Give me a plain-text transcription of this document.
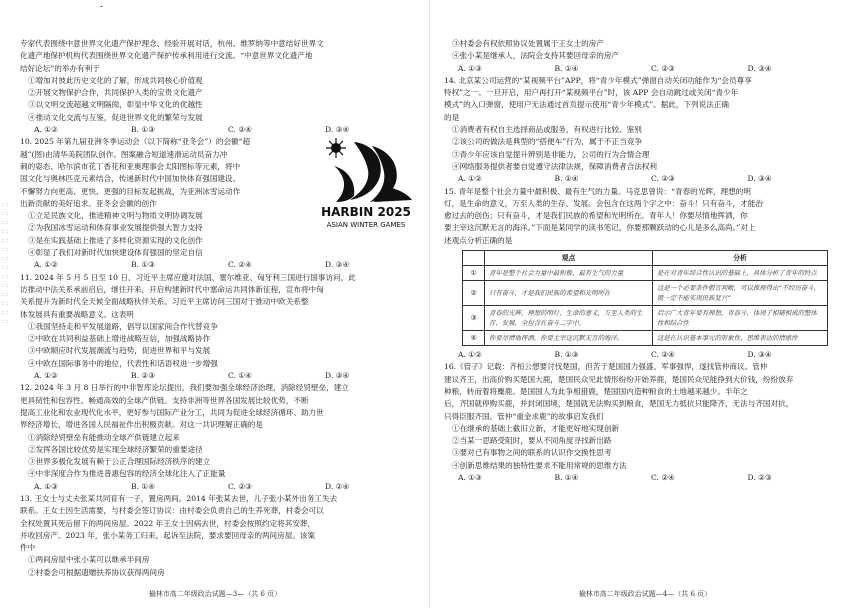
: : : : : : : : : : : : : : : : : : : : : : : : : : : :

专家代表围绕中意世界文化遗产保护理念、经验开展对话，杭州、维罗纳等中意结好世界文

化遗产地保护机构代表围绕世界文化遗产保护传承利用进行交流。“中意世界文化遗产地

结好论坛”的举办有利于

①增加对彼此历史文化的了解，形成共同核心价值观

②开展文物保护合作，共同保护人类的宝贵文化遗产

③以文明交流超越文明隔阂，彰显中华文化的优越性

④推动文化交流与互鉴，促进世界文化的繁荣与发展

A. ①②	B. ①③	C. ②④	D. ③④
HARBIN 2025
ASIAN WINTER GAMES

10. 2025 年第九届亚洲冬季运动会（以下简称“亚冬会”）的会徽“超

越”(图)由清华美院团队创作。图案融合短道速滑运动员奋力冲

刺的姿态、哈尔滨市花丁香花和亚奥理事会太阳图标等元素，将中

国文化与奥林匹克元素结合，传递新时代中国加快体育强国建设、

不懈努力向更高、更快、更强的目标发起挑战，为亚洲冰雪运动作

出新贡献的美好追求。亚冬会会徽的创作

①立足民族文化，推进精神文明与物质文明协调发展

②为我国冰雪运动和体育事业发展提供强大智力支持

③是在实践基础上推进了多样化资源实现的文化创作

④彰显了我们对新时代加快建设体育强国的坚定自信

A. ①②	B. ①③	C. ②④	D. ③④

11. 2024 年 5 月 5 日至 10 日，习近平主席应邀对法国、塞尔维亚、匈牙利三国进行国事访问，此

访推动中法关系承前启后，继往开来，开启构建新时代中塞命运共同体新征程，宣布将中匈

关系提升为新时代全天候全面战略伙伴关系。习近平主席访问三国对于推动中欧关系整

体发展具有重要战略意义。这表明

①我国坚持走和平发展道路，倡导以国家间合作代替竞争

②中欧在共同利益基础上增进战略互信，加强战略协作

③中欧顺应时代发展潮流与趋势，促进世界和平与发展

④中欧在国际事务中的地位，代表性和话语权进一步增强

A. ①②	B. ②③	C. ①④	D. ③④

12. 2024 年 3 月 8 日举行的中非智库论坛提出，我们要加强全球经济治理，消除经贸壁垒，建立

更具韧性和包容性、畅通高效的全球产供链。支持非洲等世界各国发展比较优势，不断

提高工业化和农业现代化水平，更好参与国际产业分工，共同为促进全球经济循环、助力世

界经济增长，增进各国人民福祉作出积极贡献。对这一共识理解正确的是

①消除经贸壁垒有能推动全球产供链建立起来

②发挥各国比较优势是实现全球经济繁荣的重要途径

③世界多极化发展有赖于公正合理国际经济秩序的建立

④中非深度合作为推进普惠包容的经济全球化注入了正能量

A. ①③	B. ①④	C. ②③	D. ②④

13. 王女士与丈夫张某共同育有一子，置房两间。2014 年张某去世，儿子张小某外出务工失去

联系。王女士因生活需要，与村委会签订协议：由村委会负责自己的生养死葬，村委会可以

全权处置其死后留下的两间房屋。2022 年王女士因病去世，村委会按照约定将其安葬，

并收回房产。2023 年，张小某务工归来，起诉至法院，要求要回母亲的两间房屋。该案

件中

①两间房屋中张小某可以继承半间房

②村委会可根据遗赠扶养协议获得两间房

榆林市高二年级政治试题—3—（共 6 页）

③村委会有权依照协议处置属于王女士的房产

④张小某是继承人，法院会支持其要回母亲的房产

A. ①③	B. ①④	C. ②③	D. ③④

14. 北京某公司运营的“某视频平台”APP，将“青少年模式”弹窗自动关闭功能作为“会员尊享

特权”之一。一旦开启，用户再打开“某视频平台”时，该 APP 会自动跳过或关闭“青少年

模式”的入口弹窗，使用户无法通过首页提示使用“青少年模式”。据此，下列说法正确

的是

①消费者有权自主选择商品或服务，有权进行比较、鉴别

②该公司的做法是典型的“搭便车”行为，属于不正当竞争

③青少年应该自觉提升辨别是非能力，公司的行为合情合理

④网络服务提供者要自觉遵守法律法规，保障消费者合法权利

A. ①②	B. ①④	C. ②③	D. ③④

15. 青年是整个社会力量中最积极、最有生气的力量。马克思曾说：“青春的光辉，理想的明

灯，是生命的意义，万至人类的生存、发展。会包含在这两个字之中：奋斗！只有奋斗，才能治

愈过去的创伤；只有奋斗，才是我们民族的希望和光明所在。青年人！你要尽情地挥洒，你

要主宰这沉默无言的海洋。”下面是某同学的读书笔记，你要那颗跃动的心儿是多么高尚。”对上

述观点分析正确的是

	观点	分析
①	青年是整个社会力量中最积极、最有生气的力量	是在对青年综合性认识的基础上，具体分析了青年的特点
②	只有奋斗，才是我们民族的希望和光明所在	这是一个必要条件假言判断，可以推理得出“不经历奋斗，就一定不能实现民族复兴”
③	青春的光辉，理想的明灯，生命的意义，万至人类的生存、发展，全包含在奋斗二字中。	启示广大青年要有理想，青春斗，体现了相辅相成的整体性和结合性
④	你要尽情地挥洒，你要主宰这沉默无言的海洋。	这是在认识基本事元的形象性，思维表达的情感性
A. ①②	B. ①③	C. ②④	D. ③④

16.《管子》记载：齐桓公想要讨伐楚国，但苦于楚国国力强盛、军事强悍，遂找管仲商议。管仲

建议齐王，出高价购买楚国大鹿，楚国民众见此情形纷纷开始养鹿，楚国民众见能挣到大价钱，纷纷放弃

种粮，转而着将麋鹿。楚国国人为此争相猎鹿，楚国国内造种粮食的土地越来越少。半年之

后，齐国就停购买鹿，并封闭国境，楚国就无法购买到粮食，楚国无力抵抗只能降齐，无法与齐国对抗，

只得臣服齐国。管仲“重金求鹿”的故事启发我们

①在继承的基础上截旧立新，才能更好地实现创新

②当某一思路受阻时，要从不同角度寻找新出路

③要对已有事物之间的联系的认识作交换性思考

④创新思维结果的独特性要求不能用常规的思维方法

A. ①③	B. ①④	C. ②④	D. ②③
榆林市高二年级政治试题—4—（共 6 页）
